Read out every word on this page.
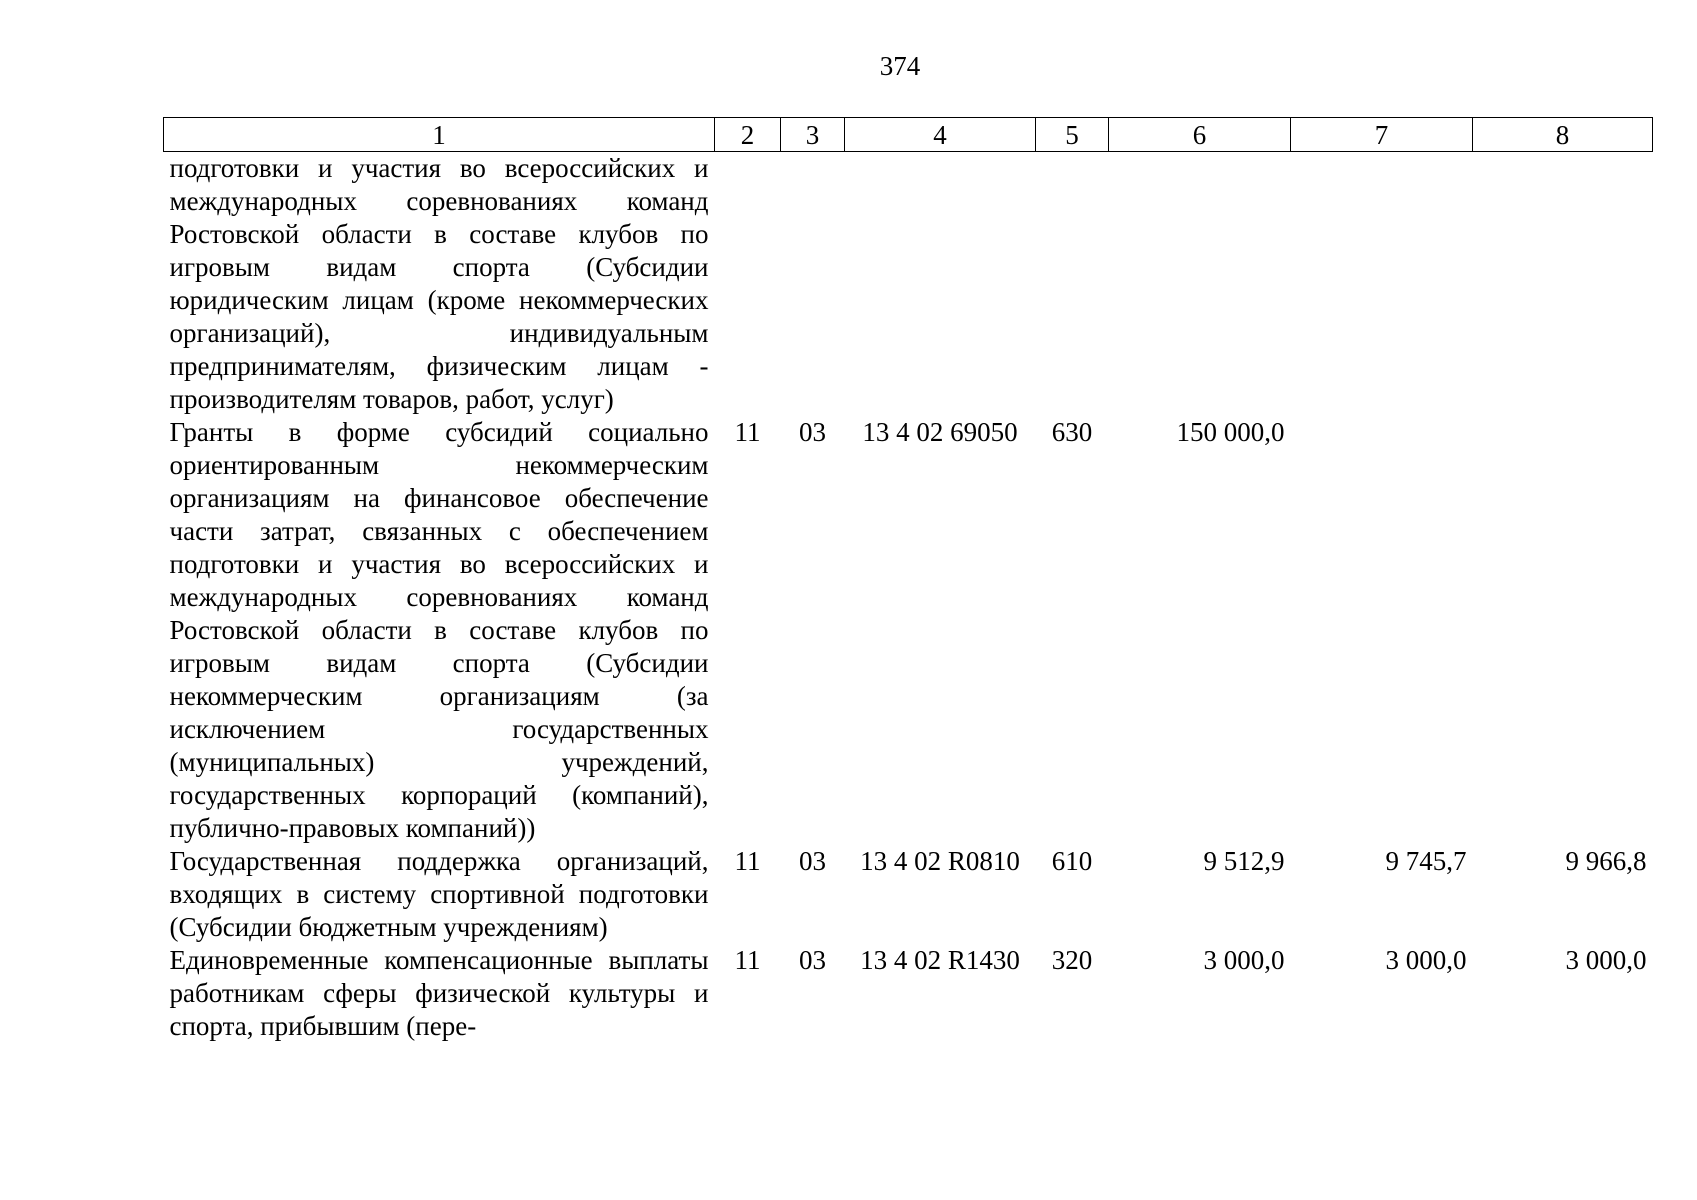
374
1	2	3	4	5	6	7	8
подготовки и участия во всероссийских и международных соревнованиях команд Ростовской области в составе клубов по игровым видам спорта (Субсидии юридическим лицам (кроме некоммерческих организаций), индивидуальным предпринимателям, физическим лицам - производителям товаров, работ, услуг)							
Гранты в форме субсидий социально ориентированным некоммерческим организациям на финансовое обеспечение части затрат, связанных с обеспечением подготовки и участия во всероссийских и международных соревнованиях команд Ростовской области в составе клубов по игровым видам спорта (Субсидии некоммерческим организациям (за исключением государственных (муниципальных) учреждений, государственных корпораций (компаний), публично-правовых компаний))	11	03	13 4 02 69050	630	150 000,0		
Государственная поддержка организаций, входящих в систему спортивной подготовки (Субсидии бюджетным учреждениям)	11	03	13 4 02 R0810	610	9 512,9	9 745,7	9 966,8
Единовременные компенсационные выплаты работникам сферы физической культуры и спорта, прибывшим (пере-	11	03	13 4 02 R1430	320	3 000,0	3 000,0	3 000,0
